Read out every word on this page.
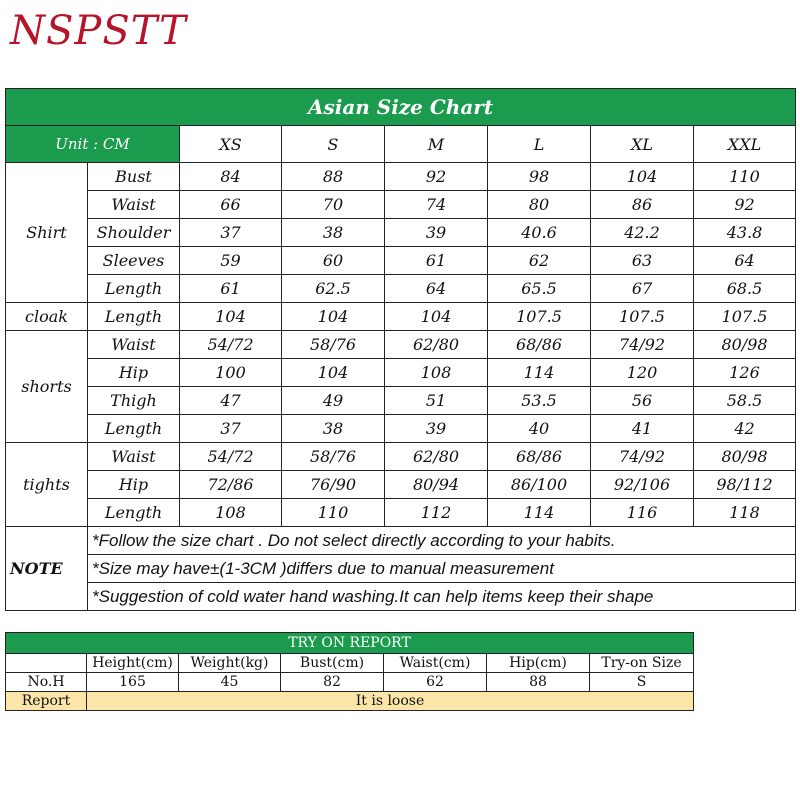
NSPSTT
Asian Size Chart							
Unit : CM		XS	S	M	L	XL	XXL
Shirt	Bust	84	88	92	98	104	110
	Waist	66	70	74	80	86	92
	Shoulder	37	38	39	40.6	42.2	43.8
	Sleeves	59	60	61	62	63	64
	Length	61	62.5	64	65.5	67	68.5
cloak	Length	104	104	104	107.5	107.5	107.5
shorts	Waist	54/72	58/76	62/80	68/86	74/92	80/98
	Hip	100	104	108	114	120	126
	Thigh	47	49	51	53.5	56	58.5
	Length	37	38	39	40	41	42
tights	Waist	54/72	58/76	62/80	68/86	74/92	80/98
	Hip	72/86	76/90	80/94	86/100	92/106	98/112
	Length	108	110	112	114	116	118
NOTE	*Follow the size chart . Do not select directly according to your habits.						
	*Size may have±(1-3CM )differs due to manual measurement						
	*Suggestion of cold water hand washing.It can help items keep their shape						
TRY ON REPORT						
	Height(cm)	Weight(kg)	Bust(cm)	Waist(cm)	Hip(cm)	Try-on Size
No.H	165	45	82	62	88	S
Report	It is loose					
